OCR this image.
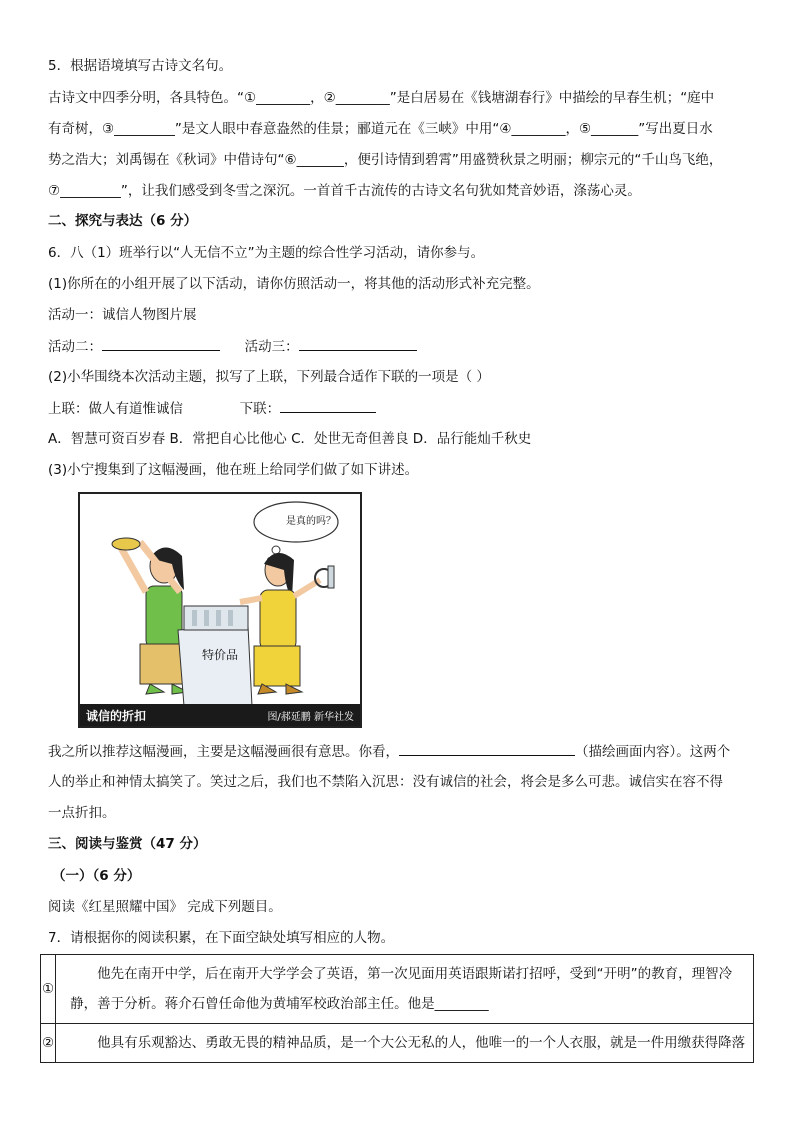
5．根据语境填写古诗文名句。
古诗文中四季分明，各具特色。“①________，②________”是白居易在《钱塘湖春行》中描绘的早春生机；“庭中
有奇树，③_________”是文人眼中春意盎然的佳景；郦道元在《三峡》中用“④________，⑤_______”写出夏日水
势之浩大；刘禹锡在《秋词》中借诗句“⑥_______，便引诗情到碧霄”用盛赞秋景之明丽；柳宗元的“千山鸟飞绝，
⑦_________”，让我们感受到冬雪之深沉。一首首千古流传的古诗文名句犹如梵音妙语，涤荡心灵。
二、探究与表达（6 分）
6．八（1）班举行以“人无信不立”为主题的综合性学习活动，请你参与。
(1)你所在的小组开展了以下活动，请你仿照活动一，将其他的活动形式补充完整。
活动一：诚信人物图片展
活动二：	活动三：
(2)小华围绕本次活动主题，拟写了上联，下列最合适作下联的一项是（ ）
上联：做人有道惟诚信	下联：
A．智慧可资百岁春 B．常把自心比他心 C．处世无奇但善良 D．品行能灿千秋史
(3)小宁搜集到了这幅漫画，他在班上给同学们做了如下讲述。
是真的吗？
特价品
诚信的折扣	图/郝延鹏 新华社发
我之所以推荐这幅漫画，主要是这幅漫画很有意思。你看，	（描绘画面内容）。这两个
人的举止和神情太搞笑了。笑过之后，我们也不禁陷入沉思：没有诚信的社会，将会是多么可悲。诚信实在容不得
一点折扣。
三、阅读与鉴赏（47 分）
（一）（6 分）
阅读《红星照耀中国》 完成下列题目。
7．请根据你的阅读积累，在下面空缺处填写相应的人物。
①	他先在南开中学，后在南开大学学会了英语，第一次见面用英语跟斯诺打招呼，受到“开明”的教育，理智冷静，善于分析。蒋介石曾任命他为黄埔军校政治部主任。他是________
②	他具有乐观豁达、勇敢无畏的精神品质，是一个大公无私的人，他唯一的一个人衣服，就是一件用缴获得降落
